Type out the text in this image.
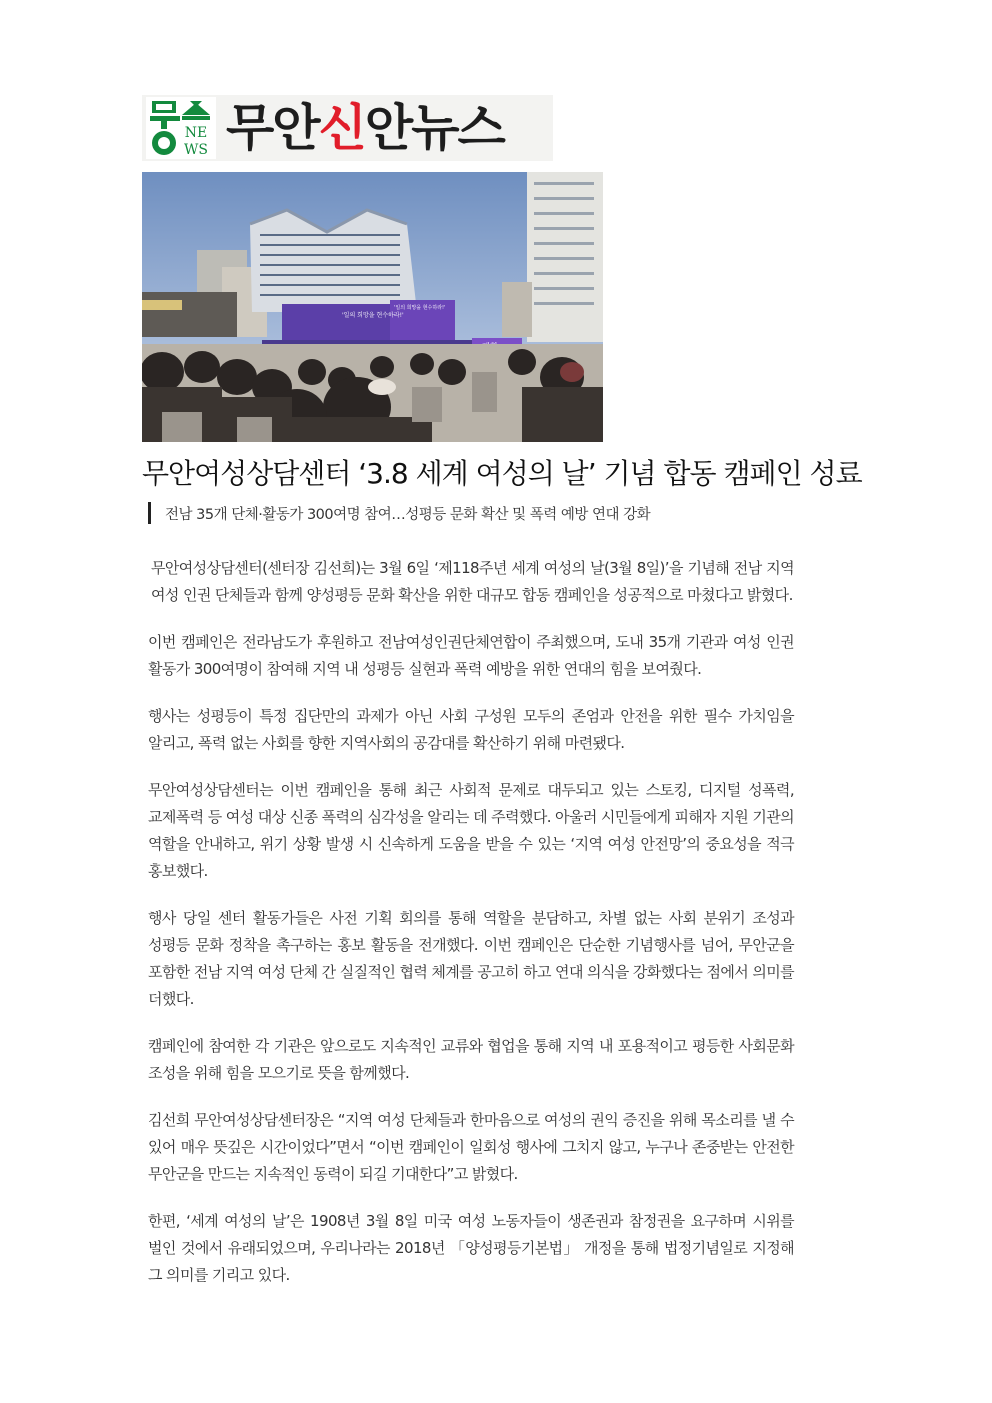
NE
WS 무안신안뉴스
'일의 희망을 현수하라!'
'일의 희망을 현수하라!'
무안여성상담센터 ‘3.8 세계 여성의 날’ 기념 합동 캠페인 성료
전남 35개 단체·활동가 300여명 참여…성평등 문화 확산 및 폭력 예방 연대 강화

무안여성상담센터(센터장 김선희)는 3월 6일 ‘제118주년 세계 여성의 날(3월 8일)’을 기념해 전남 지역 여성 인권 단체들과 함께 양성평등 문화 확산을 위한 대규모 합동 캠페인을 성공적으로 마쳤다고 밝혔다.

이번 캠페인은 전라남도가 후원하고 전남여성인권단체연합이 주최했으며, 도내 35개 기관과 여성 인권 활동가 300여명이 참여해 지역 내 성평등 실현과 폭력 예방을 위한 연대의 힘을 보여줬다.

행사는 성평등이 특정 집단만의 과제가 아닌 사회 구성원 모두의 존엄과 안전을 위한 필수 가치임을 알리고, 폭력 없는 사회를 향한 지역사회의 공감대를 확산하기 위해 마련됐다.

무안여성상담센터는 이번 캠페인을 통해 최근 사회적 문제로 대두되고 있는 스토킹, 디지털 성폭력, 교제폭력 등 여성 대상 신종 폭력의 심각성을 알리는 데 주력했다. 아울러 시민들에게 피해자 지원 기관의 역할을 안내하고, 위기 상황 발생 시 신속하게 도움을 받을 수 있는 ‘지역 여성 안전망’의 중요성을 적극 홍보했다.

행사 당일 센터 활동가들은 사전 기획 회의를 통해 역할을 분담하고, 차별 없는 사회 분위기 조성과 성평등 문화 정착을 촉구하는 홍보 활동을 전개했다. 이번 캠페인은 단순한 기념행사를 넘어, 무안군을 포함한 전남 지역 여성 단체 간 실질적인 협력 체계를 공고히 하고 연대 의식을 강화했다는 점에서 의미를 더했다.

캠페인에 참여한 각 기관은 앞으로도 지속적인 교류와 협업을 통해 지역 내 포용적이고 평등한 사회문화 조성을 위해 힘을 모으기로 뜻을 함께했다.

김선희 무안여성상담센터장은 “지역 여성 단체들과 한마음으로 여성의 권익 증진을 위해 목소리를 낼 수 있어 매우 뜻깊은 시간이었다”면서 “이번 캠페인이 일회성 행사에 그치지 않고, 누구나 존중받는 안전한 무안군을 만드는 지속적인 동력이 되길 기대한다”고 밝혔다.

한편, ‘세계 여성의 날’은 1908년 3월 8일 미국 여성 노동자들이 생존권과 참정권을 요구하며 시위를 벌인 것에서 유래되었으며, 우리나라는 2018년 「양성평등기본법」 개정을 통해 법정기념일로 지정해 그 의미를 기리고 있다.
